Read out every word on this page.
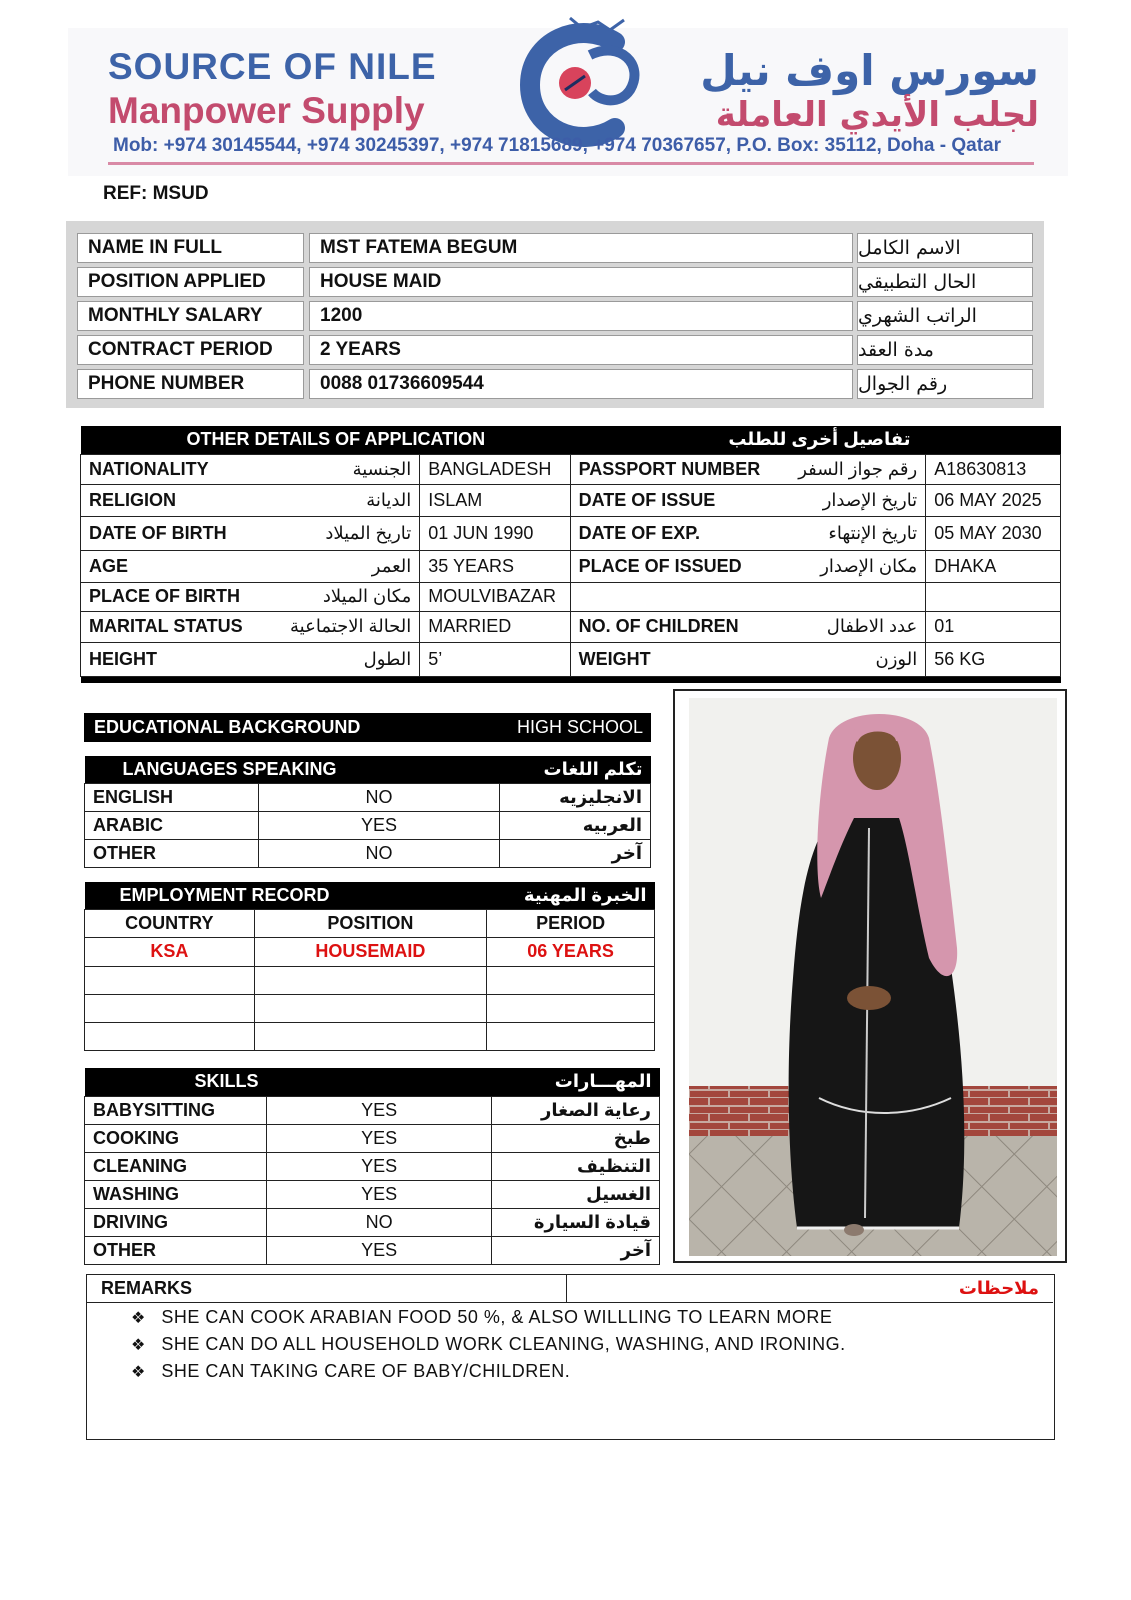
SOURCE OF NILE
Manpower Supply
سورس اوف نيل
لجلب الأيدي العاملة
Mob: +974 30145544, +974 30245397, +974 71815689, +974 70367657, P.O. Box: 35112, Doha - Qatar
REF: MSUD
NAME IN FULL	MST FATEMA BEGUM	الاسم الكامل
POSITION APPLIED	HOUSE MAID	الحال التطبيقي
MONTHLY SALARY	1200	الراتب الشهري
CONTRACT PERIOD	2 YEARS	مدة العقد
PHONE NUMBER	0088 01736609544	رقم الجوال
OTHER DETAILS OF APPLICATION			تفاصيل أخرى للطلب		
NATIONALITY	الجنسية	BANGLADESH	PASSPORT NUMBER	رقم جواز السفر	A18630813
RELIGION	الديانة	ISLAM	DATE OF ISSUE	تاريخ الإصدار	06 MAY 2025
DATE OF BIRTH	تاريخ الميلاد	01 JUN 1990	DATE OF EXP.	تاريخ الإنتهاء	05 MAY 2030
AGE	العمر	35 YEARS	PLACE OF ISSUED	مكان الإصدار	DHAKA
PLACE OF BIRTH	مكان الميلاد	MOULVIBAZAR			
MARITAL STATUS	الحالة الاجتماعية	MARRIED	NO. OF CHILDREN	عدد الاطفال	01
HEIGHT	الطول	5’	WEIGHT	الوزن	56 KG

EDUCATIONAL BACKGROUND	HIGH SCHOOL
LANGUAGES SPEAKING		تكلم اللغات
ENGLISH	NO	الانجليزيه
ARABIC	YES	العربيه
OTHER	NO	آخر
EMPLOYMENT RECORD		الخبرة المهنية
COUNTRY	POSITION	PERIOD
KSA	HOUSEMAID	06 YEARS

SKILLS		المهـــارات
BABYSITTING	YES	رعاية الصغار
COOKING	YES	طبخ
CLEANING	YES	التنظيف
WASHING	YES	الغسيل
DRIVING	NO	قيادة السيارة
OTHER	YES	آخر
REMARKS	ملاحظات
❖ SHE CAN COOK ARABIAN FOOD 50 %, & ALSO WILLLING TO LEARN MORE
❖ SHE CAN DO ALL HOUSEHOLD WORK CLEANING, WASHING, AND IRONING.
❖ SHE CAN TAKING CARE OF BABY/CHILDREN.
